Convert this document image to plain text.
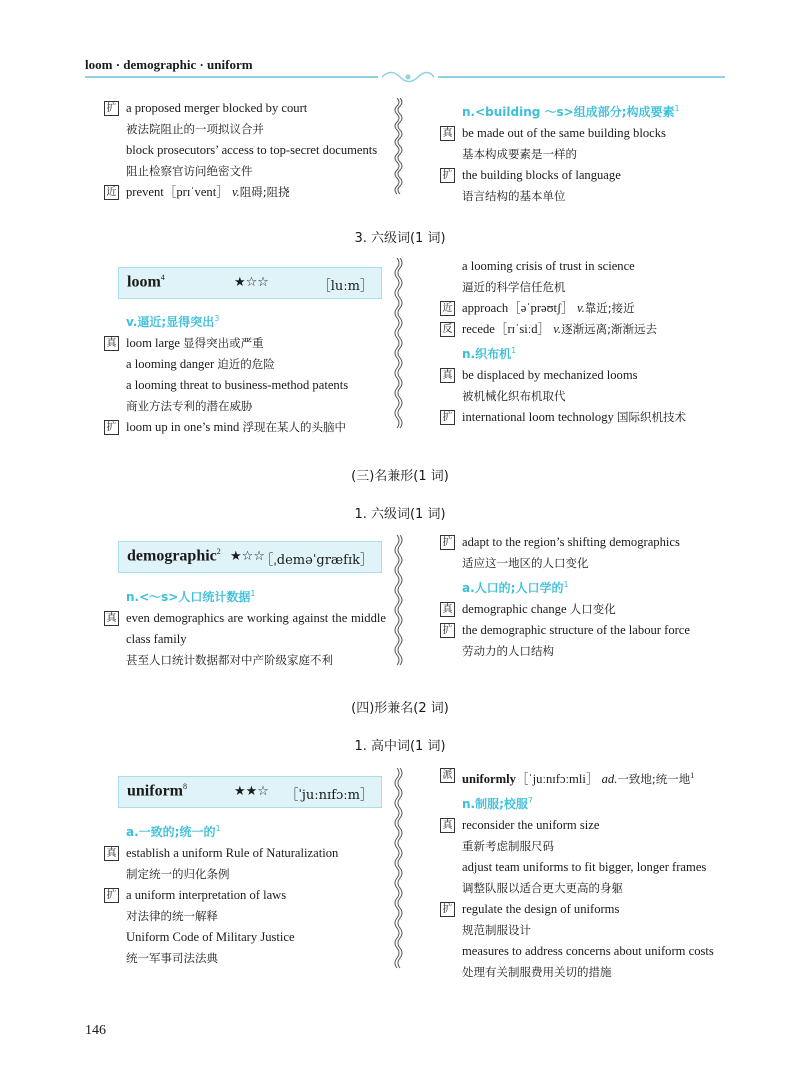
loom · demographic · uniform
扩 a proposed merger blocked by court
被法院阻止的一项拟议合并
block prosecutors’ access to top-secret documents
阻止检察官访问绝密文件
近 prevent［prɪˈvent］ v.阻碍;阻挠
n.<building ～s>组成部分;构成要素$^1$
真 be made out of the same building blocks
基本构成要素是一样的
扩 the building blocks of language
语言结构的基本单位
3. 六级词(1 词)
loom$^4$	★☆☆	［luːm］
v.逼近;显得突出$^3$
真 loom large 显得突出或严重
a looming danger 迫近的危险
a looming threat to business-method patents
商业方法专利的潜在威胁
扩 loom up in one’s mind 浮现在某人的头脑中
a looming crisis of trust in science
逼近的科学信任危机
近 approach［əˈprəʊtʃ］ v.靠近;接近
反 recede［rɪˈsiːd］ v.逐渐远离;渐渐远去
n.织布机$^1$
真 be displaced by mechanized looms
被机械化织布机取代
扩 international loom technology 国际织机技术
(三)名兼形(1 词)
1. 六级词(1 词)
demographic$^2$ ★☆☆
［ˌdeməˈgræfɪk］
n.<～s>人口统计数据$^1$
真 even demographics are working against the middle class family
甚至人口统计数据都对中产阶级家庭不利
扩 adapt to the region’s shifting demographics
适应这一地区的人口变化
a.人口的;人口学的$^1$
真 demographic change 人口变化
扩 the demographic structure of the labour force
劳动力的人口结构
(四)形兼名(2 词)
1. 高中词(1 词)
uniform$^8$	★★☆ ［ˈjuːnɪfɔːm］
a.一致的;统一的$^1$
真 establish a uniform Rule of Naturalization
制定统一的归化条例
扩 a uniform interpretation of laws
对法律的统一解释
Uniform Code of Military Justice
统一军事司法法典
派 uniformly［ˈjuːnɪfɔːmli］ ad.一致地;统一地$^1$
n.制服;校服$^7$
真 reconsider the uniform size
重新考虑制服尺码
adjust team uniforms to fit bigger, longer frames
调整队服以适合更大更高的身躯
扩 regulate the design of uniforms
规范制服设计
measures to address concerns about uniform costs
处理有关制服费用关切的措施
146
